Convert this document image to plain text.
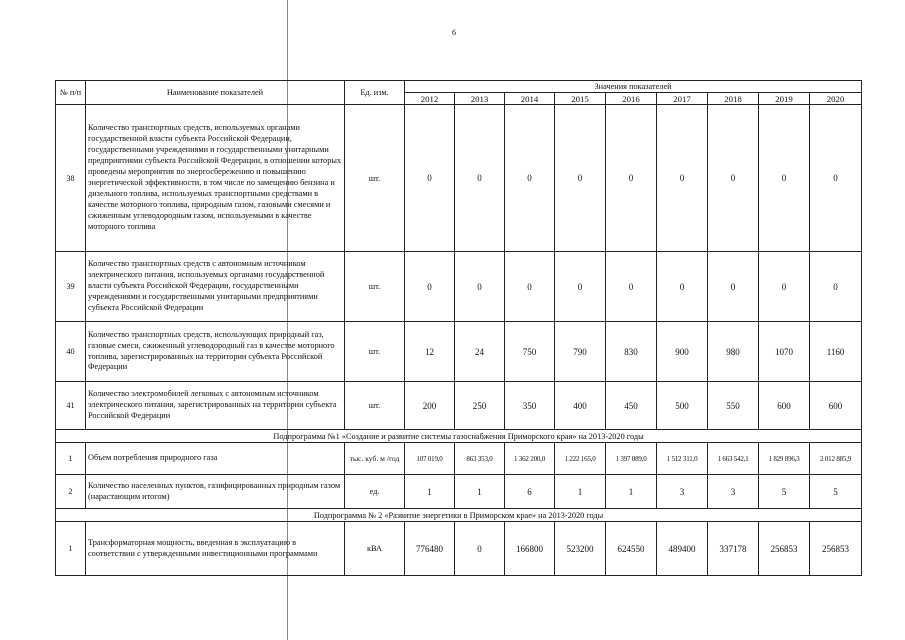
6
№ п/п	Наименование показателей	Ед. изм.	Значения показателей								
			2012	2013	2014	2015	2016	2017	2018	2019	2020
38	Количество транспортных средств, используемых органами государственной власти субъекта Российской Федерации, государственными учреждениями и государственными унитарными предприятиями субъекта Российской Федерации, в отношении которых проведены мероприятия по энергосбережению и повышению энергетической эффективности, в том числе по замещению бензина и дизельного топлива, используемых транспортными средствами в качестве моторного топлива, природным газом, газовыми смесями и сжиженным углеводородным газом, используемыми в качестве моторного топлива	шт.	0	0	0	0	0	0	0	0	0
39	Количество транспортных средств с автономным источником электрического питания, используемых органами государственной власти субъекта Российской Федерации, государственными учреждениями и государственными унитарными предприятиями субъекта Российской Федерации	шт.	0	0	0	0	0	0	0	0	0
40	Количество транспортных средств, использующих природный газ, газовые смеси, сжиженный углеводородный газ в качестве моторного топлива, зарегистрированных на территории субъекта Российской Федерации	шт.	12	24	750	790	830	900	980	1070	1160
41	Количество электромобилей легковых с автономным источником электрического питания, зарегистрированных на территории субъекта Российской Федерации	шт.	200	250	350	400	450	500	550	600	600
Подпрограмма №1 «Создание и развитие системы газоснабжения Приморского края» на 2013-2020 годы											
1	Объем потребления природного газа	тыс. куб. м /год	107 019,0	863 353,0	1 362 200,0	1 222 165,0	1 397 089,0	1 512 311,0	1 663 542,1	1 829 896,3	2 012 885,9
2	Количество населенных пунктов, газифицированных природным газом (нарастающим итогом)	ед.	1	1	6	1	1	3	3	5	5
Подпрограмма № 2 «Развитие энергетики в Приморском крае» на 2013-2020 годы											
1	Трансформаторная мощность, введенная в эксплуатацию в соответствии с утвержденными инвестиционными программами	кВА	776480	0	166800	523200	624550	489400	337178	256853	256853
